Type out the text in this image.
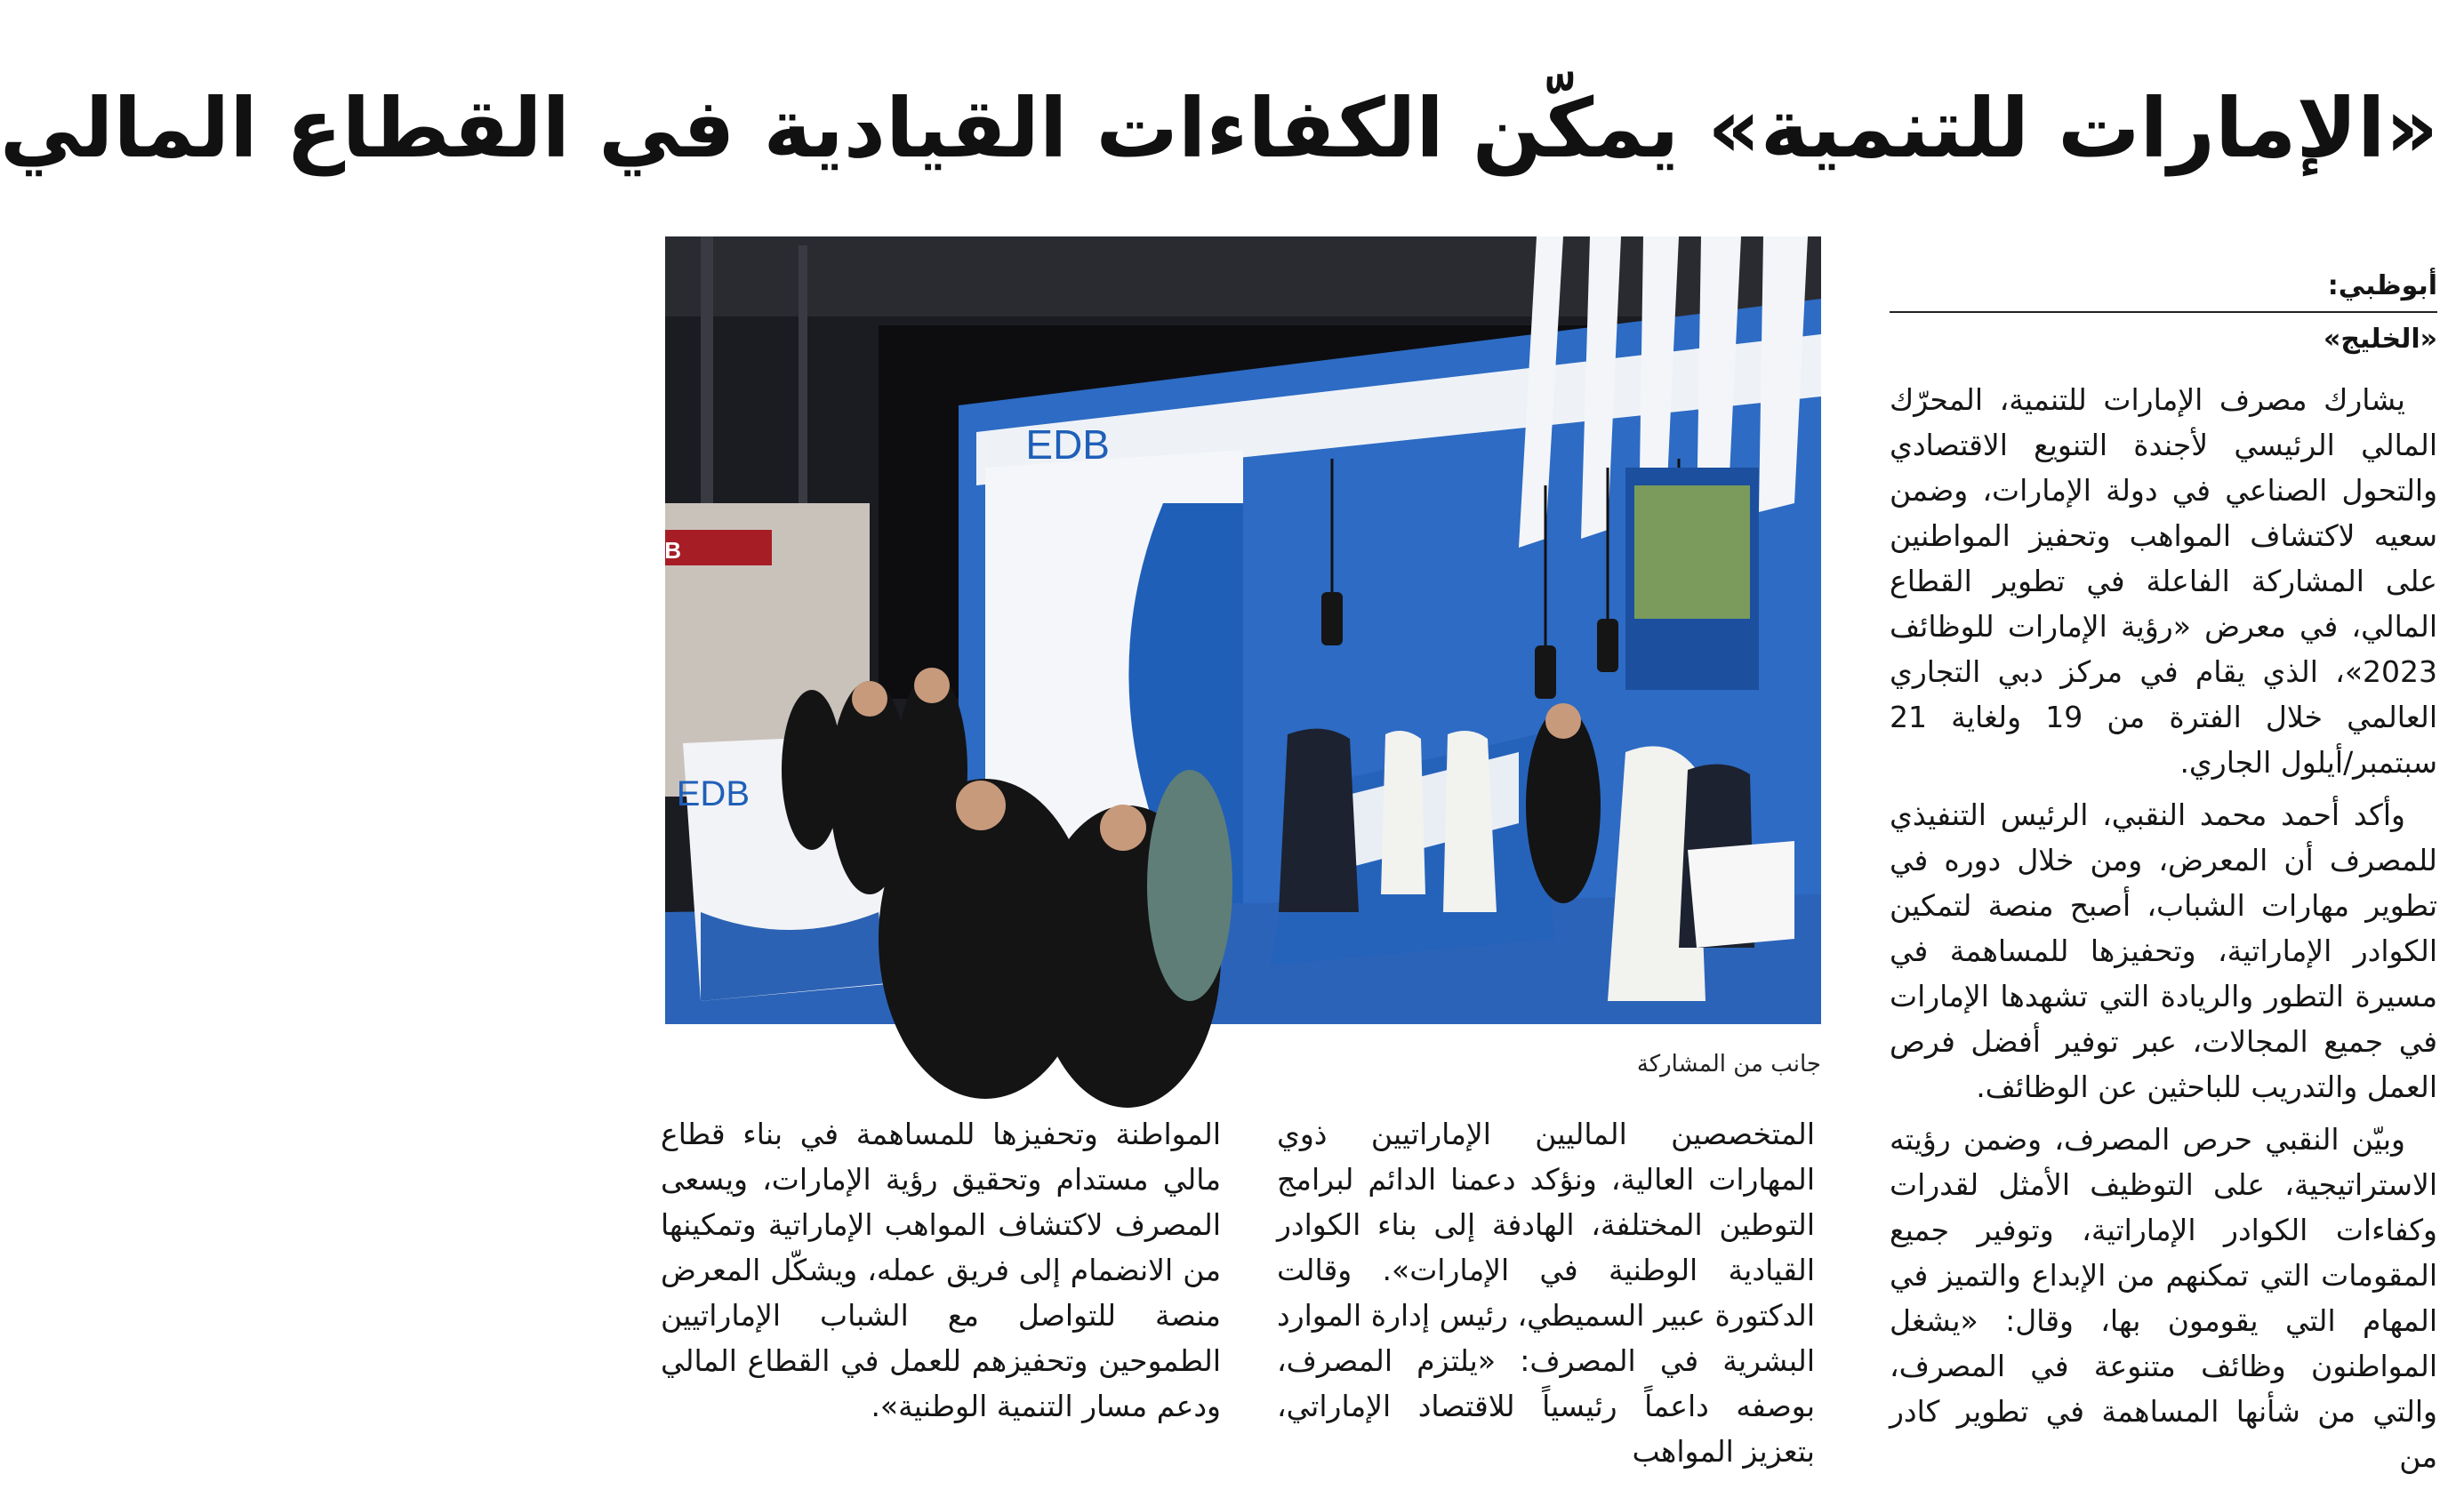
«الإمارات للتنمية» يمكّن الكفاءات القيادية في القطاع المالي
أبوظبي:
«الخليج»

يشارك مصرف الإمارات للتنمية، المحرّك المالي الرئيسي لأجندة التنويع الاقتصادي والتحول الصناعي في دولة الإمارات، وضمن سعيه لاكتشاف المواهب وتحفيز المواطنين على المشاركة الفاعلة في تطوير القطاع المالي، في معرض «رؤية الإمارات للوظائف 2023»، الذي يقام في مركز دبي التجاري العالمي خلال الفترة من 19 ولغاية 21 سبتمبر/أيلول الجاري.

وأكد أحمد محمد النقبي، الرئيس التنفيذي للمصرف أن المعرض، ومن خلال دوره في تطوير مهارات الشباب، أصبح منصة لتمكين الكوادر الإماراتية، وتحفيزها للمساهمة في مسيرة التطور والريادة التي تشهدها الإمارات في جميع المجالات، عبر توفير أفضل فرص العمل والتدريب للباحثين عن الوظائف.

وبيّن النقبي حرص المصرف، وضمن رؤيته الاستراتيجية، على التوظيف الأمثل لقدرات وكفاءات الكوادر الإماراتية، وتوفير جميع المقومات التي تمكنهم من الإبداع والتميز في المهام التي يقومون بها، وقال: «يشغل المواطنون وظائف متنوعة في المصرف، والتي من شأنها المساهمة في تطوير كادر من

المتخصصين الماليين الإماراتيين ذوي المهارات العالية، ونؤكد دعمنا الدائم لبرامج التوطين المختلفة، الهادفة إلى بناء الكوادر القيادية الوطنية في الإمارات». وقالت الدكتورة عبير السميطي، رئيس إدارة الموارد البشرية في المصرف: «يلتزم المصرف، بوصفه داعماً رئيسياً للاقتصاد الإماراتي، بتعزيز المواهب

المواطنة وتحفيزها للمساهمة في بناء قطاع مالي مستدام وتحقيق رؤية الإمارات، ويسعى المصرف لاكتشاف المواهب الإماراتية وتمكينها من الانضمام إلى فريق عمله، ويشكّل المعرض منصة للتواصل مع الشباب الإماراتيين الطموحين وتحفيزهم للعمل في القطاع المالي ودعم مسار التنمية الوطنية».

ADCB
EDB
EDB
جانب من المشاركة
